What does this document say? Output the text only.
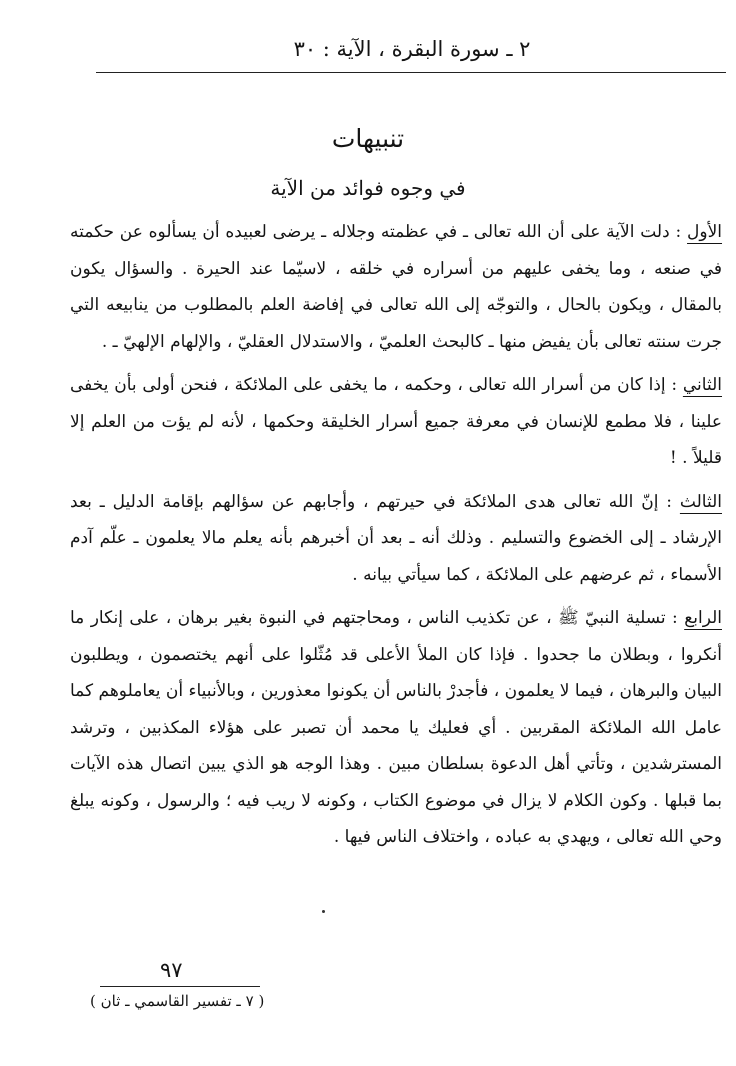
٢ ـ سورة البقرة ، الآية : ٣٠
تنبيهات
في وجوه فوائد من الآية

الأول : دلت الآية على أن الله تعالى ـ في عظمته وجلاله ـ يرضى لعبيده أن يسألوه عن حكمته في صنعه ، وما يخفى عليهم من أسراره في خلقه ، لاسيّما عند الحيرة . والسؤال يكون بالمقال ، ويكون بالحال ، والتوجّه إلى الله تعالى في إفاضة العلم بالمطلوب من ينابيعه التي جرت سنته تعالى بأن يفيض منها ـ كالبحث العلميّ ، والاستدلال العقليّ ، والإلهام الإلهيّ ـ .

الثاني : إذا كان من أسرار الله تعالى ، وحكمه ، ما يخفى على الملائكة ، فنحن أولى بأن يخفى علينا ، فلا مطمع للإنسان في معرفة جميع أسرار الخليقة وحكمها ، لأنه لم يؤت من العلم إلا قليلاً . !

الثالث : إنّ الله تعالى هدى الملائكة في حيرتهم ، وأجابهم عن سؤالهم بإقامة الدليل ـ بعد الإرشاد ـ إلى الخضوع والتسليم . وذلك أنه ـ بعد أن أخبرهم بأنه يعلم مالا يعلمون ـ علّم آدم الأسماء ، ثم عرضهم على الملائكة ، كما سيأتي بيانه .

الرابع : تسلية النبيّ ﷺ ، عن تكذيب الناس ، ومحاجتهم في النبوة بغير برهان ، على إنكار ما أنكروا ، وبطلان ما جحدوا . فإذا كان الملأ الأعلى قد مُثّلوا على أنهم يختصمون ، ويطلبون البيان والبرهان ، فيما لا يعلمون ، فأجدرْ بالناس أن يكونوا معذورين ، وبالأنبياء أن يعاملوهم كما عامل الله الملائكة المقربين . أي فعليك يا محمد أن تصبر على هؤلاء المكذبين ، وترشد المسترشدين ، وتأتي أهل الدعوة بسلطان مبين . وهذا الوجه هو الذي يبين اتصال هذه الآيات بما قبلها . وكون الكلام لا يزال في موضوع الكتاب ، وكونه لا ريب فيه ؛ والرسول ، وكونه يبلغ وحي الله تعالى ، ويهدي به عباده ، واختلاف الناس فيها .

٩٧
( ٧ ـ تفسير القاسمي ـ ثان )
